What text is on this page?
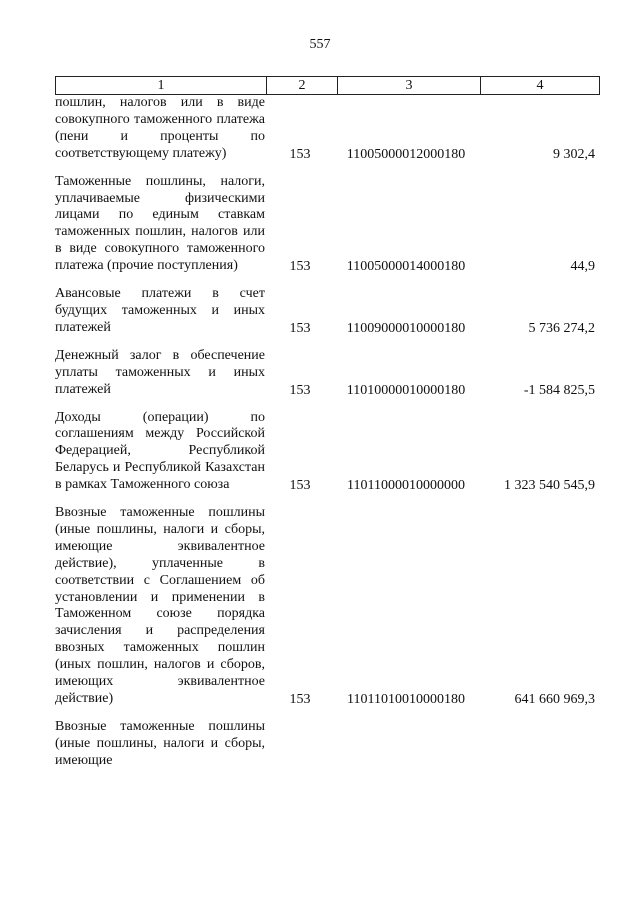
557
1	2	3	4
пошлин, налогов или в виде совокупного таможенного платежа (пени и проценты по соответствующему платежу)	153	11005000012000180	9 302,4
Таможенные пошлины, налоги, уплачиваемые физическими лицами по единым ставкам таможенных пошлин, налогов или в виде совокупного таможенного платежа (прочие поступления)	153	11005000014000180	44,9
Авансовые платежи в счет будущих таможенных и иных платежей	153	11009000010000180	5 736 274,2
Денежный залог в обеспечение уплаты таможенных и иных платежей	153	11010000010000180	-1 584 825,5
Доходы (операции) по соглашениям между Российской Федерацией, Республикой Беларусь и Республикой Казахстан в рамках Таможенного союза	153	11011000010000000	1 323 540 545,9
Ввозные таможенные пошлины (иные пошлины, налоги и сборы, имеющие эквивалентное действие), уплаченные в соответствии с Соглашением об установлении и применении в Таможенном союзе порядка зачисления и распределения ввозных таможенных пошлин (иных пошлин, налогов и сборов, имеющих эквивалентное действие)	153	11011010010000180	641 660 969,3
Ввозные таможенные пошлины (иные пошлины, налоги и сборы, имеющие
